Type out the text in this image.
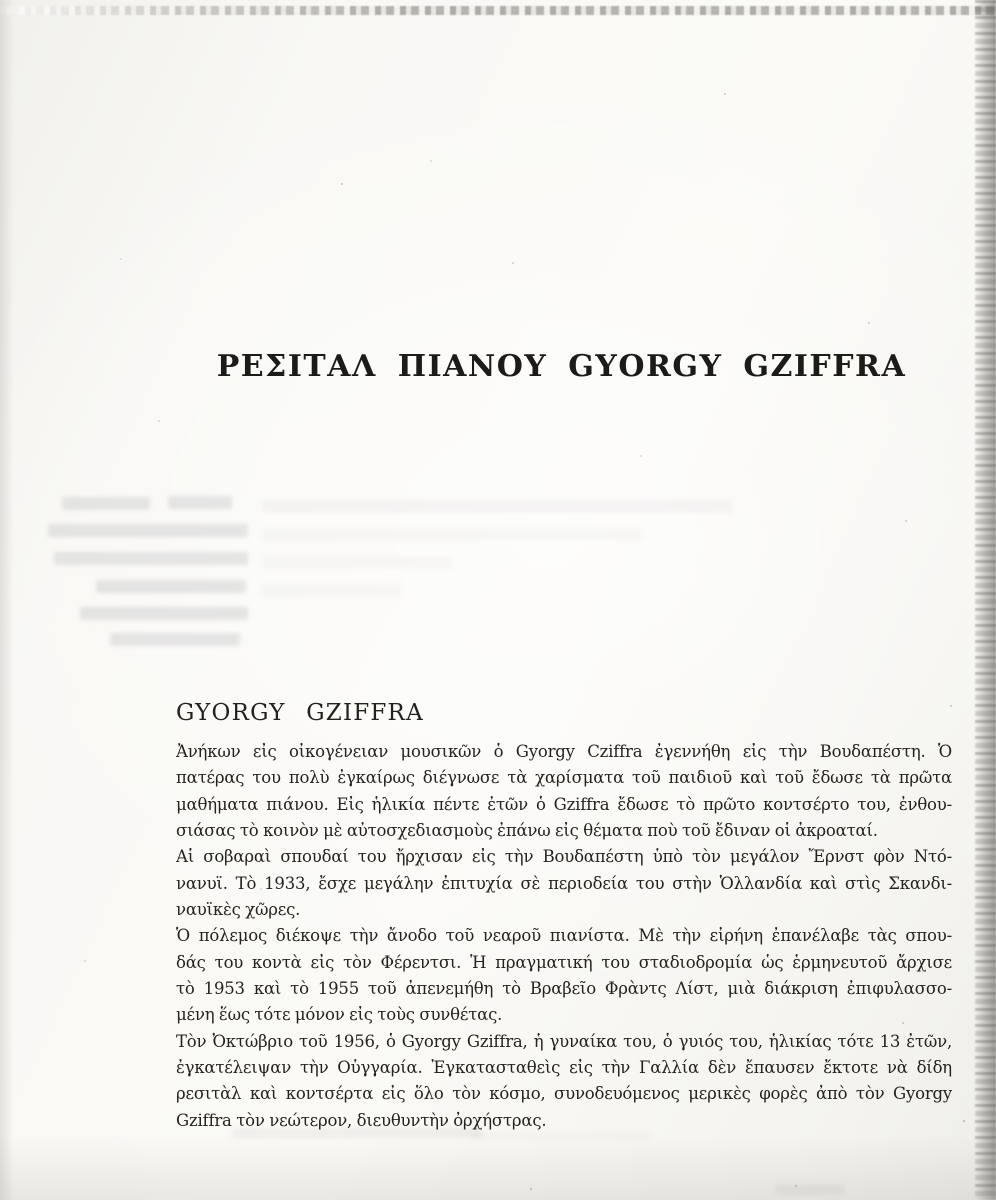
ΡΕΣΙΤΑΛ ΠΙΑΝΟΥ GYORGY GZIFFRA
GYORGY GZIFFRA
Ἀνήκων εἰς οἰκογένειαν μουσικῶν ὁ Gyorgy Cziffra ἐγεννήθη εἰς τὴν Βουδαπέστη. Ὁ
πατέρας του πολὺ ἐγκαίρως διέγνωσε τὰ χαρίσματα τοῦ παιδιοῦ καὶ τοῦ ἔδωσε τὰ πρῶτα
μαθήματα πιάνου. Εἰς ἡλικία πέντε ἐτῶν ὁ Gziffra ἔδωσε τὸ πρῶτο κοντσέρτο του, ἐνθου-
σιάσας τὸ κοινὸν μὲ αὐτοσχεδιασμοὺς ἐπάνω εἰς θέματα ποὺ τοῦ ἔδιναν οἱ ἀκροαταί.
Αἱ σοβαραὶ σπουδαί του ἤρχισαν εἰς τὴν Βουδαπέστη ὑπὸ τὸν μεγάλον Ἔρνστ φὸν Ντό-
νανυϊ. Τὸ 1933, ἔσχε μεγάλην ἐπιτυχία σὲ περιοδεία του στὴν Ὁλλανδία καὶ στὶς Σκανδι-
ναυϊκὲς χῶρες.
Ὁ πόλεμος διέκοψε τὴν ἄνοδο τοῦ νεαροῦ πιανίστα. Μὲ τὴν εἰρήνη ἐπανέλαβε τὰς σπου-
δάς του κοντὰ εἰς τὸν Φέρεντσι. Ἡ πραγματική του σταδιοδρομία ὡς ἑρμηνευτοῦ ἄρχισε
τὸ 1953 καὶ τὸ 1955 τοῦ ἀπενεμήθη τὸ Βραβεῖο Φρὰντς Λίστ, μιὰ διάκριση ἐπιφυλασσο-
μένη ἕως τότε μόνον εἰς τοὺς συνθέτας.
Τὸν Ὀκτώβριο τοῦ 1956, ὁ Gyorgy Gziffra, ἡ γυναίκα του, ὁ γυιός του, ἡλικίας τότε 13 ἐτῶν,
ἐγκατέλειψαν τὴν Οὑγγαρία. Ἐγκατασταθεὶς εἰς τὴν Γαλλία δὲν ἔπαυσεν ἔκτοτε νὰ δίδη
ρεσιτὰλ καὶ κοντσέρτα εἰς ὅλο τὸν κόσμο, συνοδευόμενος μερικὲς φορὲς ἀπὸ τὸν Gyorgy
Gziffra τὸν νεώτερον, διευθυντὴν ὀρχήστρας.
